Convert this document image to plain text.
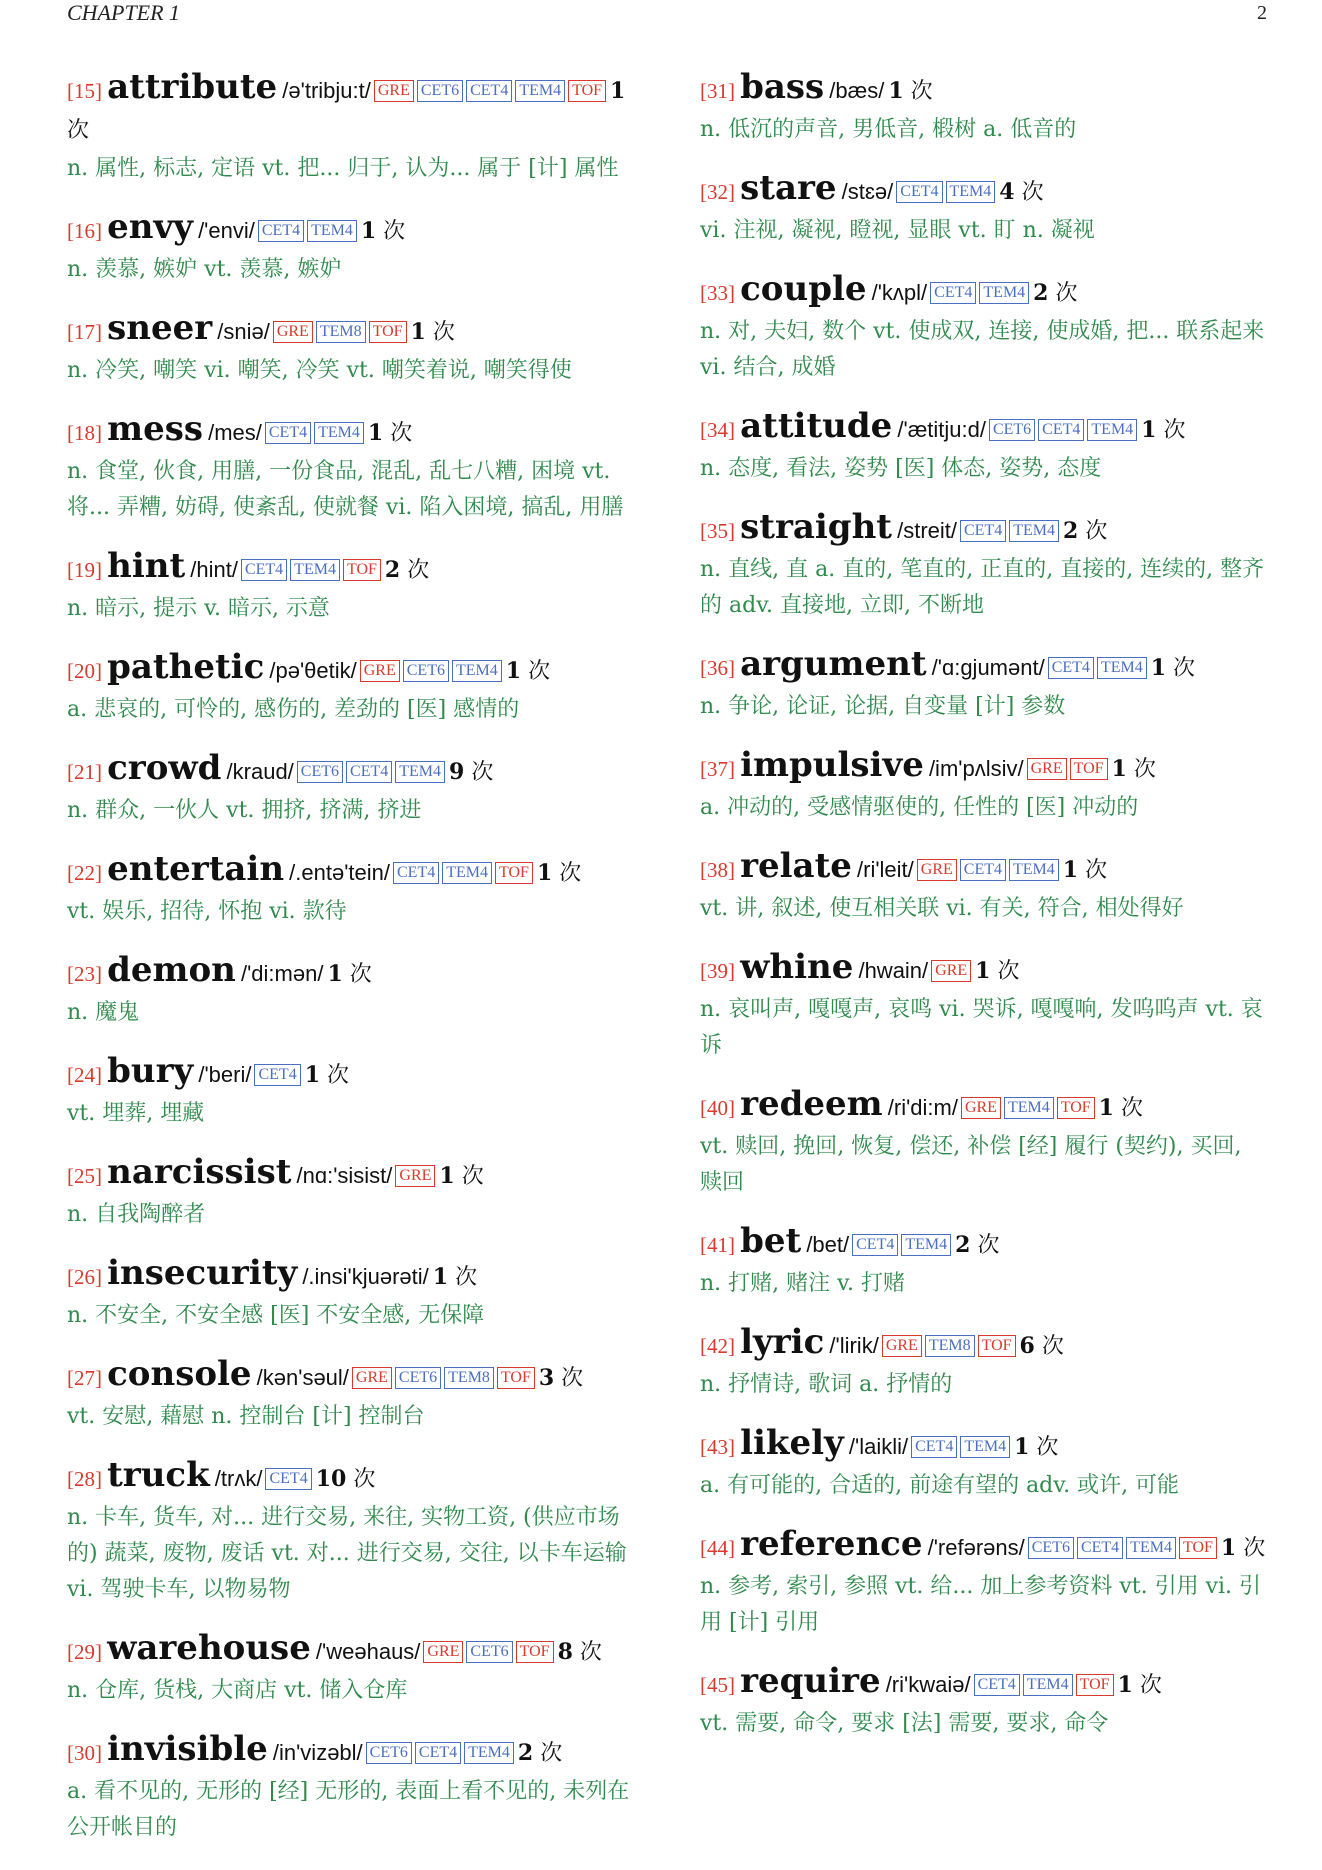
CHAPTER 1	2
[15] attribute /ə'tribju:t/ GRE CET6 CET4 TEM4 TOF 1 次
n. 属性, 标志, 定语 vt. 把... 归于, 认为... 属于 [计] 属性
[16] envy /'envi/ CET4 TEM4 1 次
n. 羡慕, 嫉妒 vt. 羡慕, 嫉妒
[17] sneer /sniə/ GRE TEM8 TOF 1 次
n. 冷笑, 嘲笑 vi. 嘲笑, 冷笑 vt. 嘲笑着说, 嘲笑得使
[18] mess /mes/ CET4 TEM4 1 次
n. 食堂, 伙食, 用膳, 一份食品, 混乱, 乱七八糟, 困境 vt. 将... 弄糟, 妨碍, 使紊乱, 使就餐 vi. 陷入困境, 搞乱, 用膳
[19] hint /hint/ CET4 TEM4 TOF 2 次
n. 暗示, 提示 v. 暗示, 示意
[20] pathetic /pə'θetik/ GRE CET6 TEM4 1 次
a. 悲哀的, 可怜的, 感伤的, 差劲的 [医] 感情的
[21] crowd /kraud/ CET6 CET4 TEM4 9 次
n. 群众, 一伙人 vt. 拥挤, 挤满, 挤进
[22] entertain /.entə'tein/ CET4 TEM4 TOF 1 次
vt. 娱乐, 招待, 怀抱 vi. 款待
[23] demon /'di:mən/ 1 次
n. 魔鬼
[24] bury /'beri/ CET4 1 次
vt. 埋葬, 埋藏
[25] narcissist /nɑ:'sisist/ GRE 1 次
n. 自我陶醉者
[26] insecurity /.insi'kjuərəti/ 1 次
n. 不安全, 不安全感 [医] 不安全感, 无保障
[27] console /kən'səul/ GRE CET6 TEM8 TOF 3 次
vt. 安慰, 藉慰 n. 控制台 [计] 控制台
[28] truck /trʌk/ CET4 10 次
n. 卡车, 货车, 对... 进行交易, 来往, 实物工资, (供应市场的) 蔬菜, 废物, 废话 vt. 对... 进行交易, 交往, 以卡车运输 vi. 驾驶卡车, 以物易物
[29] warehouse /'weəhaus/ GRE CET6 TOF 8 次
n. 仓库, 货栈, 大商店 vt. 储入仓库
[30] invisible /in'vizəbl/ CET6 CET4 TEM4 2 次
a. 看不见的, 无形的 [经] 无形的, 表面上看不见的, 未列在公开帐目的
[31] bass /bæs/ 1 次
n. 低沉的声音, 男低音, 椴树 a. 低音的
[32] stare /stɛə/ CET4 TEM4 4 次
vi. 注视, 凝视, 瞪视, 显眼 vt. 盯 n. 凝视
[33] couple /'kʌpl/ CET4 TEM4 2 次
n. 对, 夫妇, 数个 vt. 使成双, 连接, 使成婚, 把... 联系起来 vi. 结合, 成婚
[34] attitude /'ætitju:d/ CET6 CET4 TEM4 1 次
n. 态度, 看法, 姿势 [医] 体态, 姿势, 态度
[35] straight /streit/ CET4 TEM4 2 次
n. 直线, 直 a. 直的, 笔直的, 正直的, 直接的, 连续的, 整齐的 adv. 直接地, 立即, 不断地
[36] argument /'ɑ:gjumənt/ CET4 TEM4 1 次
n. 争论, 论证, 论据, 自变量 [计] 参数
[37] impulsive /im'pʌlsiv/ GRE TOF 1 次
a. 冲动的, 受感情驱使的, 任性的 [医] 冲动的
[38] relate /ri'leit/ GRE CET4 TEM4 1 次
vt. 讲, 叙述, 使互相关联 vi. 有关, 符合, 相处得好
[39] whine /hwain/ GRE 1 次
n. 哀叫声, 嘎嘎声, 哀鸣 vi. 哭诉, 嘎嘎响, 发呜呜声 vt. 哀诉
[40] redeem /ri'di:m/ GRE TEM4 TOF 1 次
vt. 赎回, 挽回, 恢复, 偿还, 补偿 [经] 履行 (契约), 买回, 赎回
[41] bet /bet/ CET4 TEM4 2 次
n. 打赌, 赌注 v. 打赌
[42] lyric /'lirik/ GRE TEM8 TOF 6 次
n. 抒情诗, 歌词 a. 抒情的
[43] likely /'laikli/ CET4 TEM4 1 次
a. 有可能的, 合适的, 前途有望的 adv. 或许, 可能
[44] reference /'refərəns/ CET6 CET4 TEM4 TOF 1 次
n. 参考, 索引, 参照 vt. 给... 加上参考资料 vt. 引用 vi. 引用 [计] 引用
[45] require /ri'kwaiə/ CET4 TEM4 TOF 1 次
vt. 需要, 命令, 要求 [法] 需要, 要求, 命令
